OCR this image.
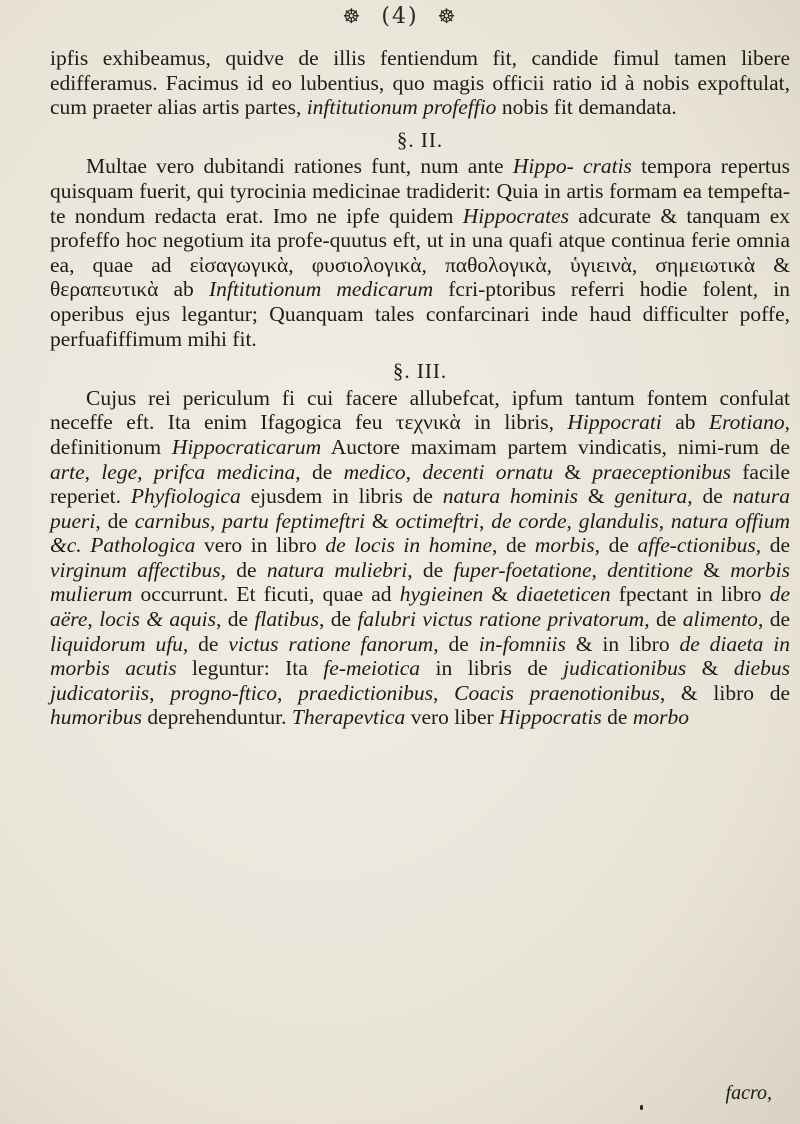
☸ (4) ☸

ipfis exhibeamus, quidve de illis fentiendum fit, candide fimul tamen libere edifferamus. Facimus id eo lubentius, quo magis officii ratio id à nobis expoftulat, cum praeter alias artis partes, inftitutionum profeffio nobis fit demandata.

§. II.

Multae vero dubitandi rationes funt, num ante Hippo- cratis tempora repertus quisquam fuerit, qui tyrocinia medicinae tradiderit: Quia in artis formam ea tempefta-te nondum redacta erat. Imo ne ipfe quidem Hippocrates adcurate & tanquam ex profeffo hoc negotium ita profe-quutus eft, ut in una quafi atque continua ferie omnia ea, quae ad εἰσαγωγικὰ, φυσιολογικὰ, παθολογικὰ, ὑγιεινὰ, σημειωτικὰ & θεραπευτικὰ ab Inftitutionum medicarum fcri-ptoribus referri hodie folent, in operibus ejus legantur; Quanquam tales confarcinari inde haud difficulter poffe, perfuafiffimum mihi fit.

§. III.

Cujus rei periculum fi cui facere allubefcat, ipfum tantum fontem confulat neceffe eft. Ita enim Ifagogica feu τεχνικὰ in libris, Hippocrati ab Erotiano, definitionum Hippocraticarum Auctore maximam partem vindicatis, nimi-rum de arte, lege, prifca medicina, de medico, decenti ornatu & praeceptionibus facile reperiet. Phyfiologica ejusdem in libris de natura hominis & genitura, de natura pueri, de carnibus, partu feptimeftri & octimeftri, de corde, glandulis, natura offium &c. Pathologica vero in libro de locis in homine, de morbis, de affe-ctionibus, de virginum affectibus, de natura muliebri, de fuper-foetatione, dentitione & morbis mulierum occurrunt. Et ficuti, quae ad hygieinen & diaeteticen fpectant in libro de aëre, locis & aquis, de flatibus, de falubri victus ratione privatorum, de alimento, de liquidorum ufu, de victus ratione fanorum, de in-fomniis & in libro de diaeta in morbis acutis leguntur: Ita fe-meiotica in libris de judicationibus & diebus judicatoriis, progno-ftico, praedictionibus, Coacis praenotionibus, & libro de humoribus deprehenduntur. Therapevtica vero liber Hippocratis de morbo

facro,
